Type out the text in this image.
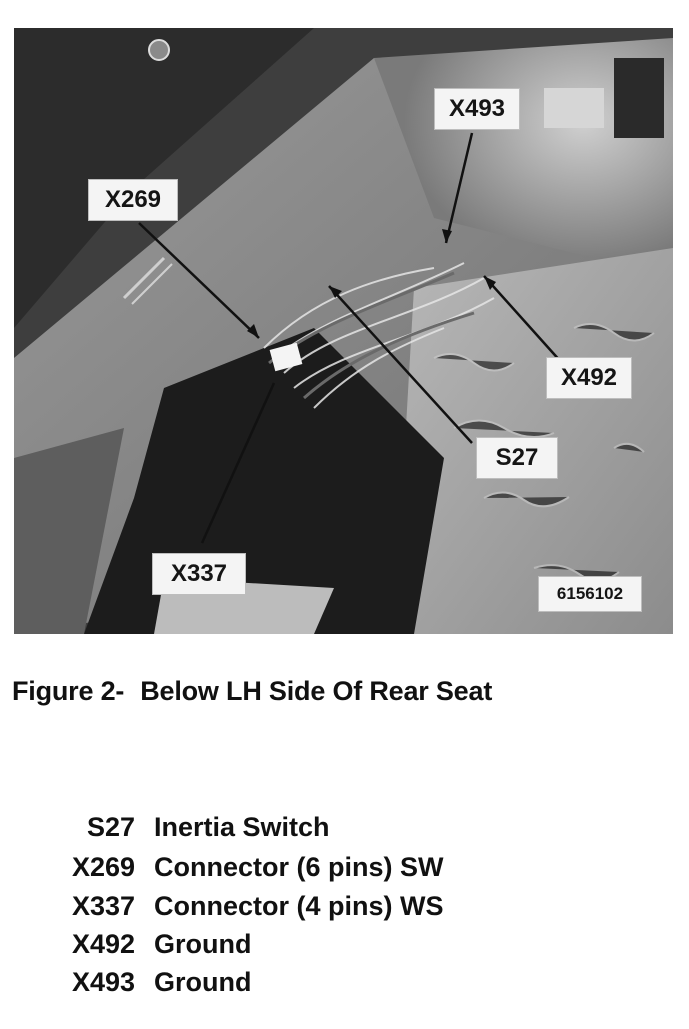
X493
X269
X492
S27
X337
6156102
Figure 2- Below LH Side Of Rear Seat
S27 Inertia Switch
X269 Connector (6 pins) SW
X337 Connector (4 pins) WS
X492 Ground
X493 Ground
